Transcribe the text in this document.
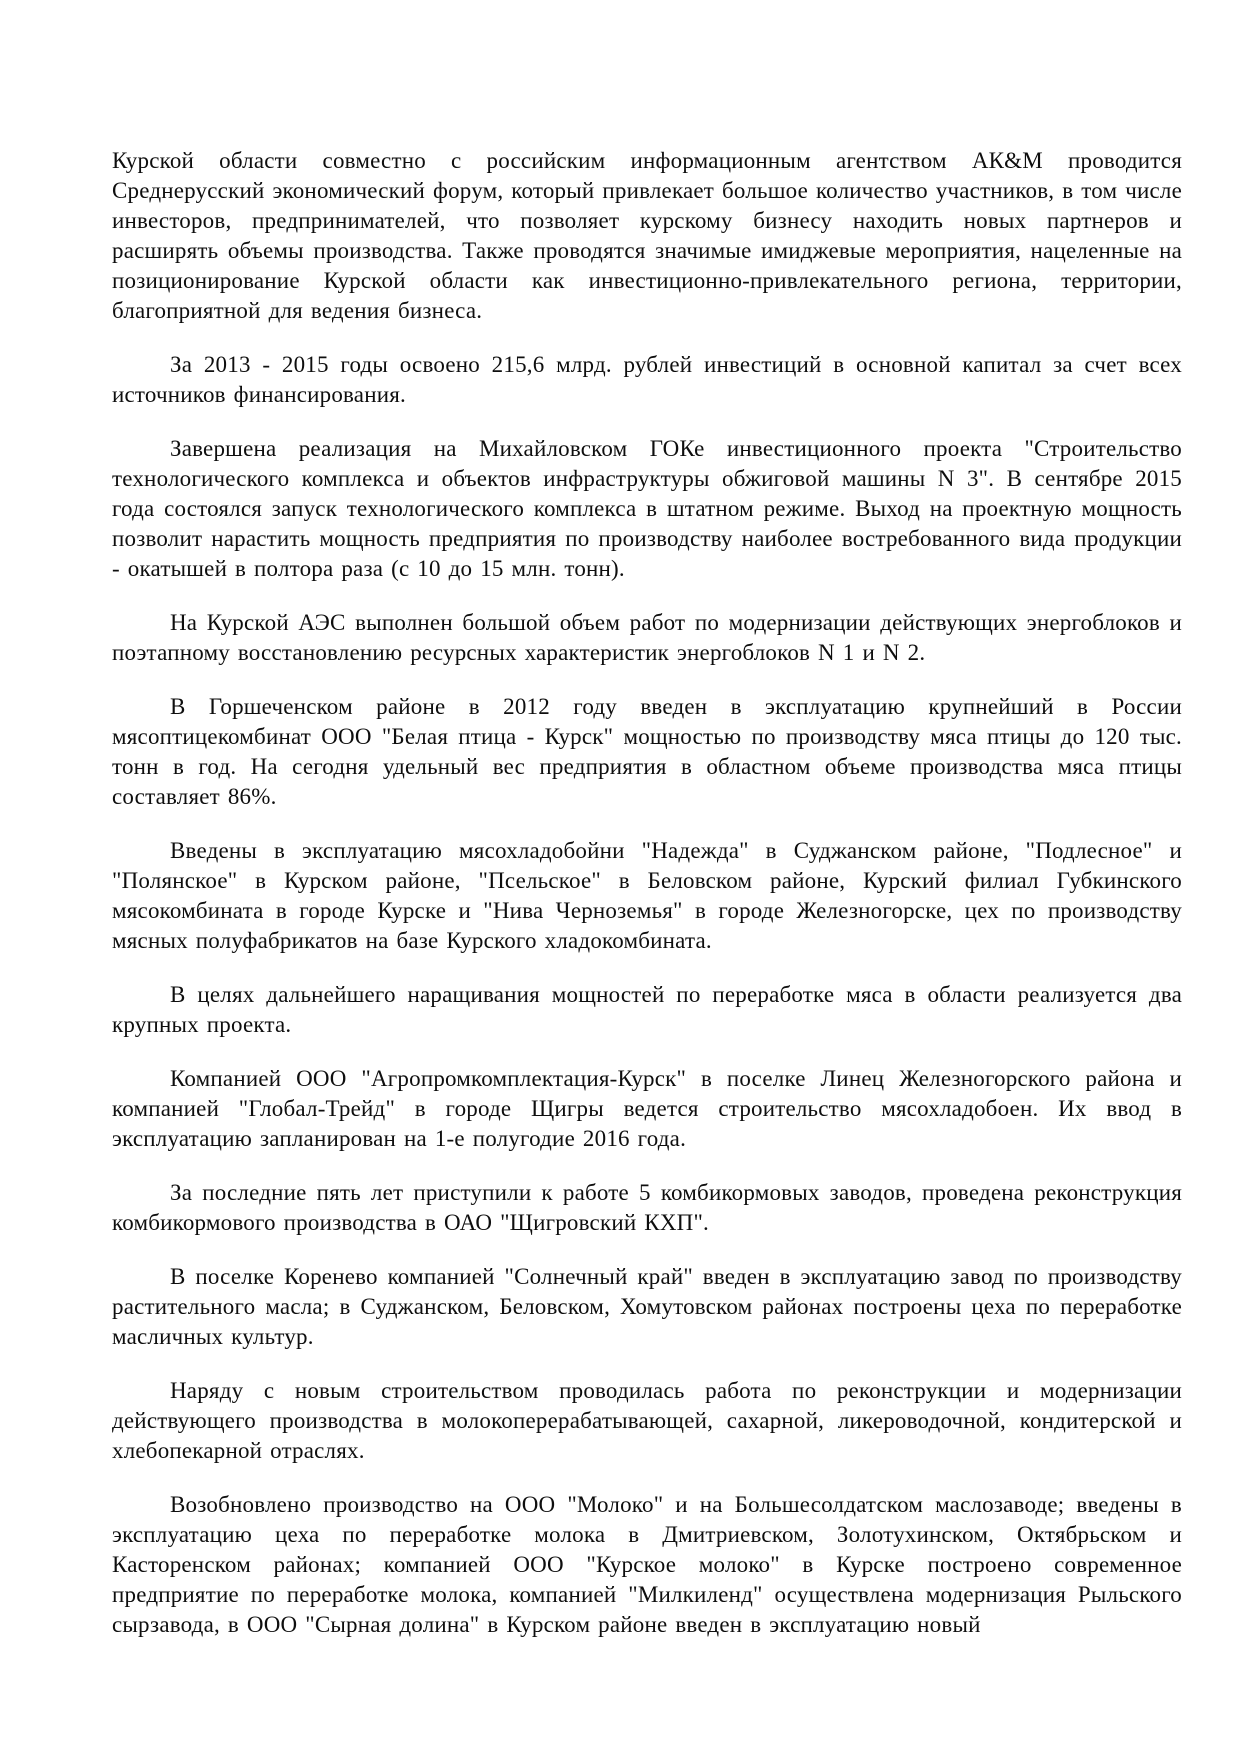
Курской области совместно с российским информационным агентством АК&М проводится Среднерусский экономический форум, который привлекает большое количество участников, в том числе инвесторов, предпринимателей, что позволяет курскому бизнесу находить новых партнеров и расширять объемы производства. Также проводятся значимые имиджевые мероприятия, нацеленные на позиционирование Курской области как инвестиционно-привлекательного региона, территории, благоприятной для ведения бизнеса.

За 2013 - 2015 годы освоено 215,6 млрд. рублей инвестиций в основной капитал за счет всех источников финансирования.

Завершена реализация на Михайловском ГОКе инвестиционного проекта "Строительство технологического комплекса и объектов инфраструктуры обжиговой машины N 3". В сентябре 2015 года состоялся запуск технологического комплекса в штатном режиме. Выход на проектную мощность позволит нарастить мощность предприятия по производству наиболее востребованного вида продукции - окатышей в полтора раза (с 10 до 15 млн. тонн).

На Курской АЭС выполнен большой объем работ по модернизации действующих энергоблоков и поэтапному восстановлению ресурсных характеристик энергоблоков N 1 и N 2.

В Горшеченском районе в 2012 году введен в эксплуатацию крупнейший в России мясоптицекомбинат ООО "Белая птица - Курск" мощностью по производству мяса птицы до 120 тыс. тонн в год. На сегодня удельный вес предприятия в областном объеме производства мяса птицы составляет 86%.

Введены в эксплуатацию мясохладобойни "Надежда" в Суджанском районе, "Подлесное" и "Полянское" в Курском районе, "Псельское" в Беловском районе, Курский филиал Губкинского мясокомбината в городе Курске и "Нива Черноземья" в городе Железногорске, цех по производству мясных полуфабрикатов на базе Курского хладокомбината.

В целях дальнейшего наращивания мощностей по переработке мяса в области реализуется два крупных проекта.

Компанией ООО "Агропромкомплектация-Курск" в поселке Линец Железногорского района и компанией "Глобал-Трейд" в городе Щигры ведется строительство мясохладобоен. Их ввод в эксплуатацию запланирован на 1-е полугодие 2016 года.

За последние пять лет приступили к работе 5 комбикормовых заводов, проведена реконструкция комбикормового производства в ОАО "Щигровский КХП".

В поселке Коренево компанией "Солнечный край" введен в эксплуатацию завод по производству растительного масла; в Суджанском, Беловском, Хомутовском районах построены цеха по переработке масличных культур.

Наряду с новым строительством проводилась работа по реконструкции и модернизации действующего производства в молокоперерабатывающей, сахарной, ликероводочной, кондитерской и хлебопекарной отраслях.

Возобновлено производство на ООО "Молоко" и на Большесолдатском маслозаводе; введены в эксплуатацию цеха по переработке молока в Дмитриевском, Золотухинском, Октябрьском и Касторенском районах; компанией ООО "Курское молоко" в Курске построено современное предприятие по переработке молока, компанией "Милкиленд" осуществлена модернизация Рыльского сырзавода, в ООО "Сырная долина" в Курском районе введен в эксплуатацию новый
